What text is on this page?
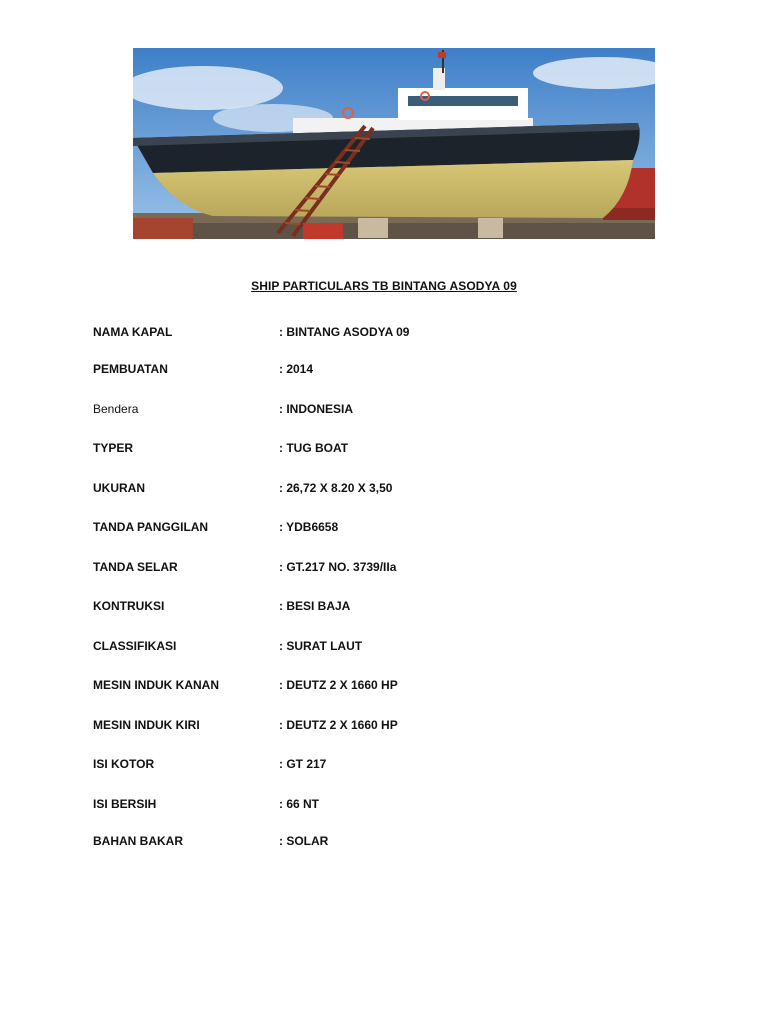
SHIP PARTICULARS TB BINTANG ASODYA 09
NAMA KAPAL	: BINTANG ASODYA 09
PEMBUATAN	: 2014
Bendera	: INDONESIA
TYPER	: TUG BOAT
UKURAN	: 26,72 X 8.20 X 3,50
TANDA PANGGILAN	: YDB6658
TANDA SELAR	: GT.217 NO. 3739/IIa
KONTRUKSI	: BESI BAJA
CLASSIFIKASI	: SURAT LAUT
MESIN INDUK KANAN	: DEUTZ 2 X 1660 HP
MESIN INDUK KIRI	: DEUTZ 2 X 1660 HP
ISI KOTOR	: GT 217
ISI BERSIH	: 66 NT
BAHAN BAKAR	: SOLAR
